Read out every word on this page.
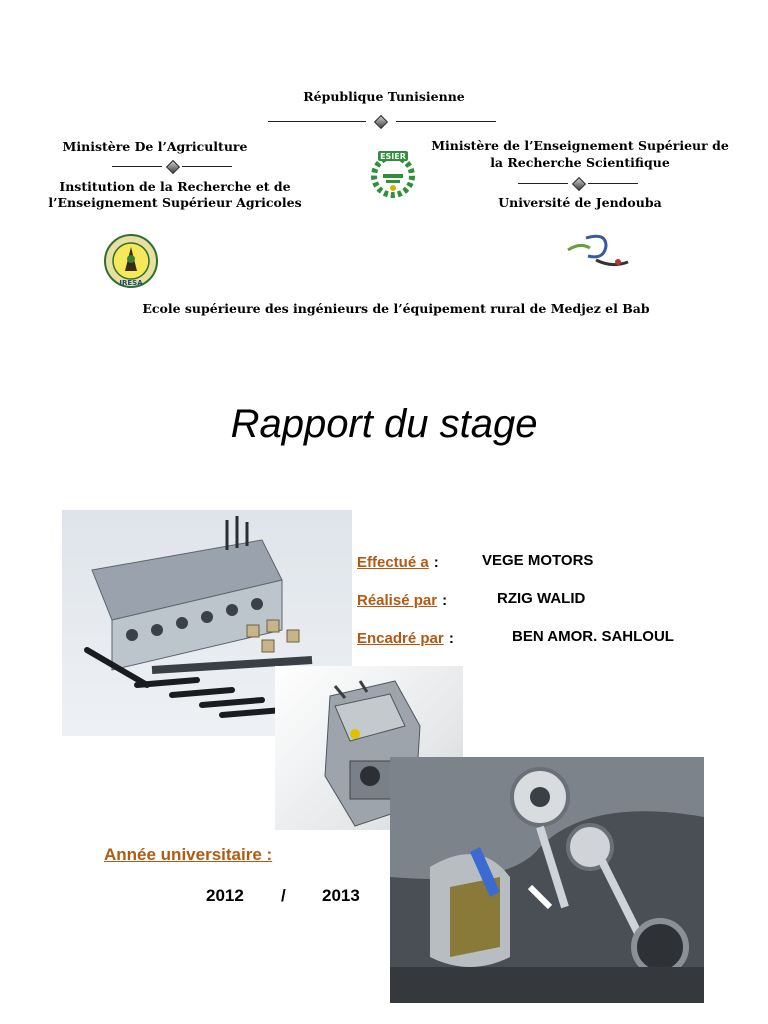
République Tunisienne
Ministère De l’Agriculture
Institution de la Recherche et de
l’Enseignement Supérieur Agricoles
Ministère de l’Enseignement Supérieur de
la Recherche Scientifique
Université de Jendouba
ESIER
IRESA
Ecole supérieure des ingénieurs de l’équipement rural de Medjez el Bab
Rapport du stage
Effectué a :	VEGE MOTORS
Réalisé par :	RZIG WALID
Encadré par :	BEN AMOR. SAHLOUL
Année universitaire :
2012 / 2013
